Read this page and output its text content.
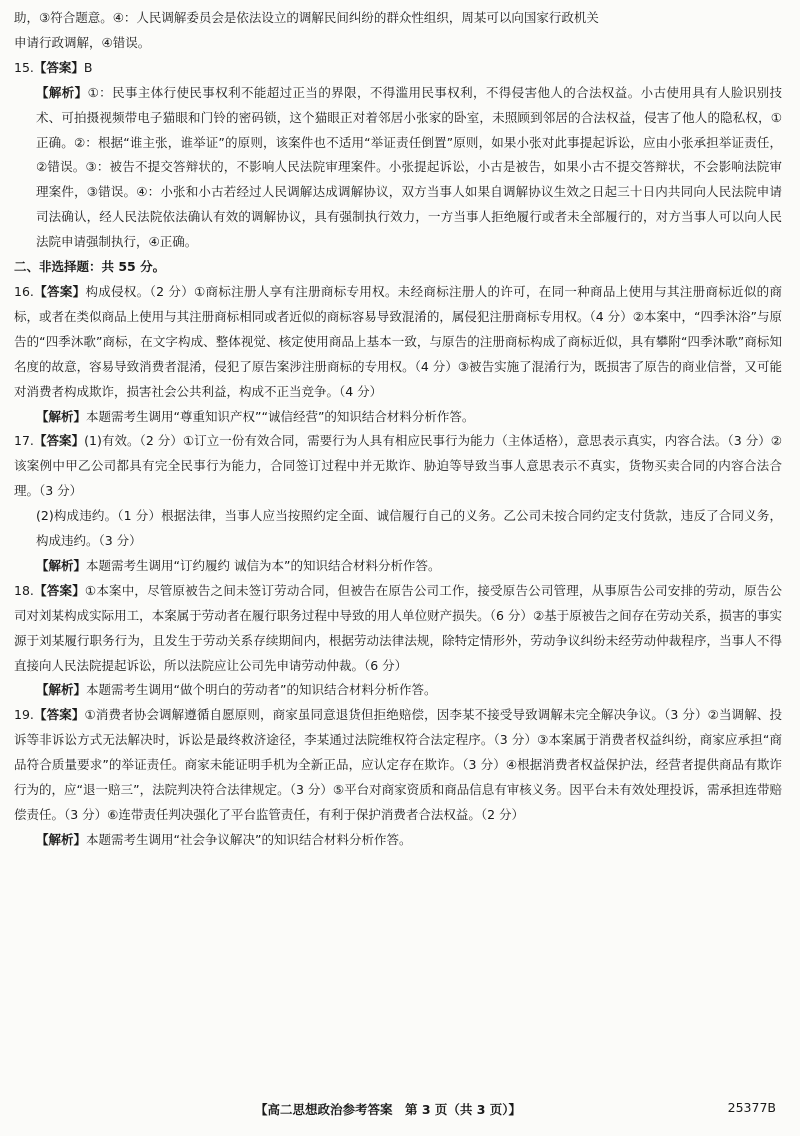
助，③符合题意。④：人民调解委员会是依法设立的调解民间纠纷的群众性组织，周某可以向国家行政机关

申请行政调解，④错误。

15.【答案】B

【解析】①：民事主体行使民事权利不能超过正当的界限，不得滥用民事权利，不得侵害他人的合法权益。小古使用具有人脸识别技术、可拍摄视频带电子猫眼和门铃的密码锁，这个猫眼正对着邻居小张家的卧室，未照顾到邻居的合法权益，侵害了他人的隐私权，①正确。②：根据“谁主张，谁举证”的原则，该案件也不适用“举证责任倒置”原则，如果小张对此事提起诉讼，应由小张承担举证责任，②错误。③：被告不提交答辩状的，不影响人民法院审理案件。小张提起诉讼，小古是被告，如果小古不提交答辩状，不会影响法院审理案件，③错误。④：小张和小古若经过人民调解达成调解协议，双方当事人如果自调解协议生效之日起三十日内共同向人民法院申请司法确认，经人民法院依法确认有效的调解协议，具有强制执行效力，一方当事人拒绝履行或者未全部履行的，对方当事人可以向人民法院申请强制执行，④正确。

二、非选择题：共 55 分。

16.【答案】构成侵权。（2 分）①商标注册人享有注册商标专用权。未经商标注册人的许可，在同一种商品上使用与其注册商标近似的商标，或者在类似商品上使用与其注册商标相同或者近似的商标容易导致混淆的，属侵犯注册商标专用权。（4 分）②本案中，“四季沐浴”与原告的“四季沐歌”商标，在文字构成、整体视觉、核定使用商品上基本一致，与原告的注册商标构成了商标近似，具有攀附“四季沐歌”商标知名度的故意，容易导致消费者混淆，侵犯了原告案涉注册商标的专用权。（4 分）③被告实施了混淆行为，既损害了原告的商业信誉，又可能对消费者构成欺诈，损害社会公共利益，构成不正当竞争。（4 分）

【解析】本题需考生调用“尊重知识产权”“诚信经营”的知识结合材料分析作答。

17.【答案】(1)有效。（2 分）①订立一份有效合同，需要行为人具有相应民事行为能力（主体适格），意思表示真实，内容合法。（3 分）②该案例中甲乙公司都具有完全民事行为能力，合同签订过程中并无欺诈、胁迫等导致当事人意思表示不真实，货物买卖合同的内容合法合理。（3 分）

(2)构成违约。（1 分）根据法律，当事人应当按照约定全面、诚信履行自己的义务。乙公司未按合同约定支付货款，违反了合同义务，构成违约。（3 分）

【解析】本题需考生调用“订约履约 诚信为本”的知识结合材料分析作答。

18.【答案】①本案中，尽管原被告之间未签订劳动合同，但被告在原告公司工作，接受原告公司管理，从事原告公司安排的劳动，原告公司对刘某构成实际用工，本案属于劳动者在履行职务过程中导致的用人单位财产损失。（6 分）②基于原被告之间存在劳动关系，损害的事实源于刘某履行职务行为，且发生于劳动关系存续期间内，根据劳动法律法规，除特定情形外，劳动争议纠纷未经劳动仲裁程序，当事人不得直接向人民法院提起诉讼，所以法院应让公司先申请劳动仲裁。（6 分）

【解析】本题需考生调用“做个明白的劳动者”的知识结合材料分析作答。

19.【答案】①消费者协会调解遵循自愿原则，商家虽同意退货但拒绝赔偿，因李某不接受导致调解未完全解决争议。（3 分）②当调解、投诉等非诉讼方式无法解决时，诉讼是最终救济途径，李某通过法院维权符合法定程序。（3 分）③本案属于消费者权益纠纷，商家应承担“商品符合质量要求”的举证责任。商家未能证明手机为全新正品，应认定存在欺诈。（3 分）④根据消费者权益保护法，经营者提供商品有欺诈行为的，应“退一赔三”，法院判决符合法律规定。（3 分）⑤平台对商家资质和商品信息有审核义务。因平台未有效处理投诉，需承担连带赔偿责任。（3 分）⑥连带责任判决强化了平台监管责任，有利于保护消费者合法权益。（2 分）

【解析】本题需考生调用“社会争议解决”的知识结合材料分析作答。

【高二思想政治参考答案　第 3 页（共 3 页）】	25377B
